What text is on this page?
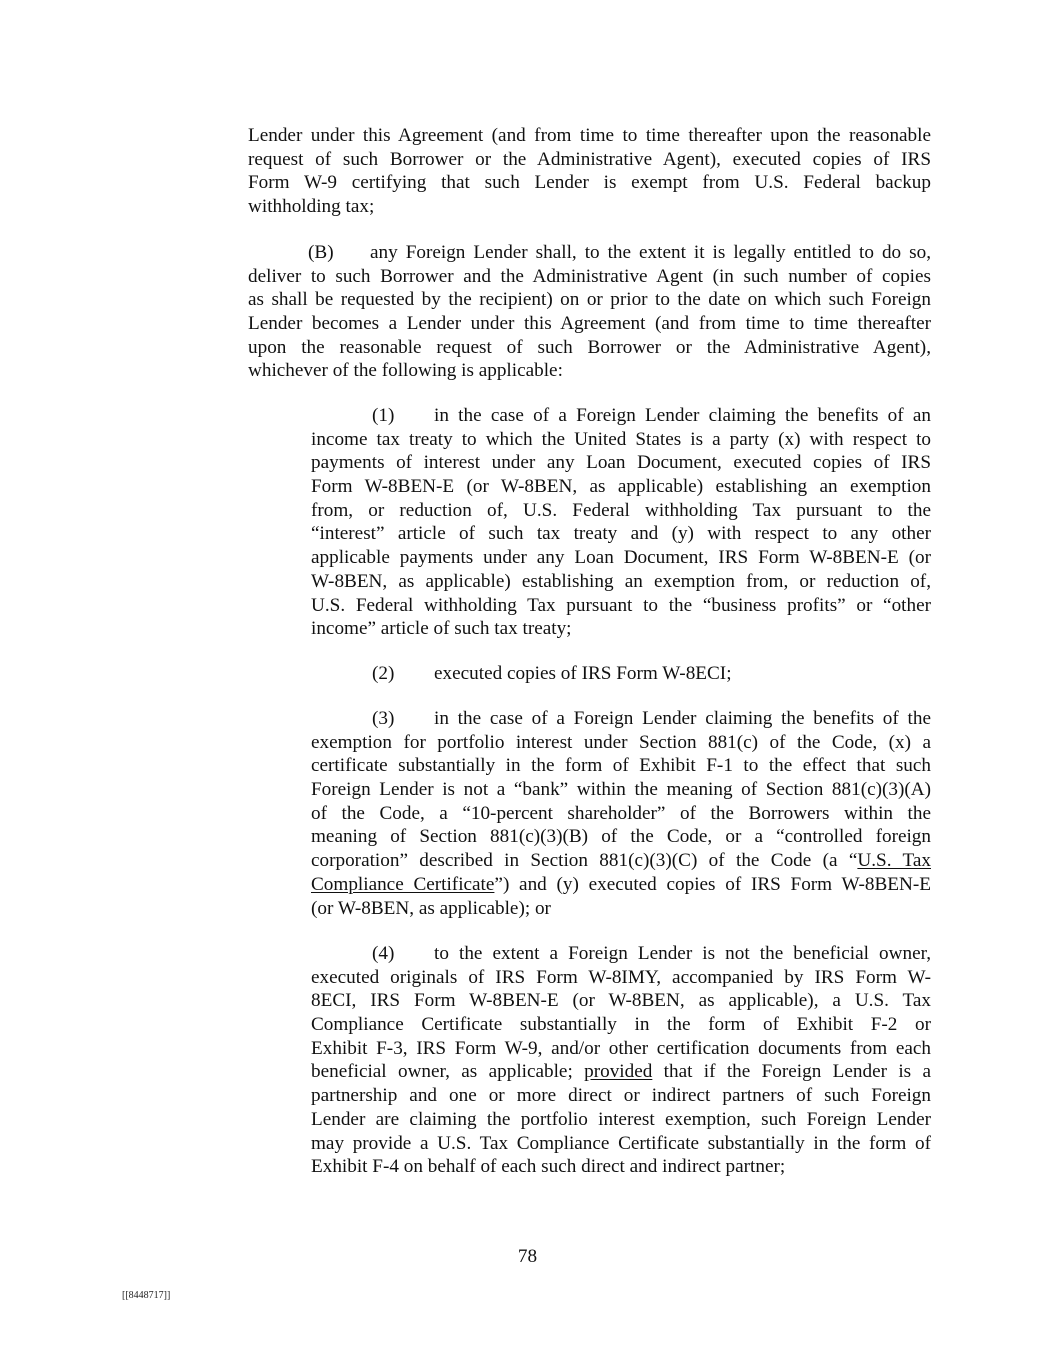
Lender under this Agreement (and from time to time thereafter upon the reasonable
request of such Borrower or the Administrative Agent), executed copies of IRS
Form W-9 certifying that such Lender is exempt from U.S. Federal backup
withholding tax;
(B) any Foreign Lender shall, to the extent it is legally entitled to do so,
deliver to such Borrower and the Administrative Agent (in such number of copies
as shall be requested by the recipient) on or prior to the date on which such Foreign
Lender becomes a Lender under this Agreement (and from time to time thereafter
upon the reasonable request of such Borrower or the Administrative Agent),
whichever of the following is applicable:
(1) in the case of a Foreign Lender claiming the benefits of an
income tax treaty to which the United States is a party (x) with respect to
payments of interest under any Loan Document, executed copies of IRS
Form W-8BEN-E (or W-8BEN, as applicable) establishing an exemption
from, or reduction of, U.S. Federal withholding Tax pursuant to the
“interest” article of such tax treaty and (y) with respect to any other
applicable payments under any Loan Document, IRS Form W-8BEN-E (or
W-8BEN, as applicable) establishing an exemption from, or reduction of,
U.S. Federal withholding Tax pursuant to the “business profits” or “other
income” article of such tax treaty;
(2) executed copies of IRS Form W-8ECI;
(3) in the case of a Foreign Lender claiming the benefits of the
exemption for portfolio interest under Section 881(c) of the Code, (x) a
certificate substantially in the form of Exhibit F-1 to the effect that such
Foreign Lender is not a “bank” within the meaning of Section 881(c)(3)(A)
of the Code, a “10-percent shareholder” of the Borrowers within the
meaning of Section 881(c)(3)(B) of the Code, or a “controlled foreign
corporation” described in Section 881(c)(3)(C) of the Code (a “U.S. Tax
Compliance Certificate”) and (y) executed copies of IRS Form W-8BEN-E
(or W-8BEN, as applicable); or
(4) to the extent a Foreign Lender is not the beneficial owner,
executed originals of IRS Form W-8IMY, accompanied by IRS Form W-
8ECI, IRS Form W-8BEN-E (or W-8BEN, as applicable), a U.S. Tax
Compliance Certificate substantially in the form of Exhibit F-2 or
Exhibit F-3, IRS Form W-9, and/or other certification documents from each
beneficial owner, as applicable; provided that if the Foreign Lender is a
partnership and one or more direct or indirect partners of such Foreign
Lender are claiming the portfolio interest exemption, such Foreign Lender
may provide a U.S. Tax Compliance Certificate substantially in the form of
Exhibit F-4 on behalf of each such direct and indirect partner;
78
[[8448717]]
